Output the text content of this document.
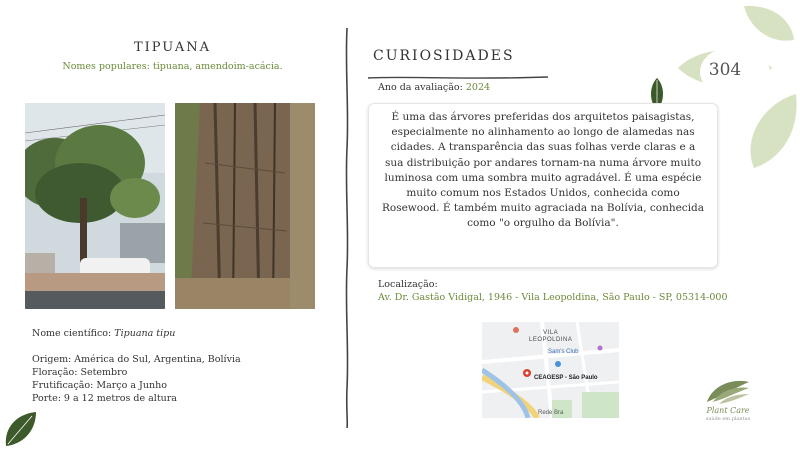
TIPUANA
Nomes populares: tipuana, amendoim-acácia.
Nome científico: Tipuana tipu
Origem: América do Sul, Argentina, Bolívia
Floração: Setembro
Frutificação: Março a Junho
Porte: 9 a 12 metros de altura
CURIOSIDADES
Ano da avaliação: 2024
É uma das árvores preferidas dos arquitetos paisagistas, especialmente no alinhamento ao longo de alamedas nas cidades. A transparência das suas folhas verde claras e a sua distribuição por andares tornam-na numa árvore muito luminosa com uma sombra muito agradável. É uma espécie muito comum nos Estados Unidos, conhecida como Rosewood. É também muito agraciada na Bolívia, conhecida como "o orgulho da Bolívia".
Localização:
Av. Dr. Gastão Vidigal, 1946 - Vila Leopoldina, São Paulo - SP, 05314-000
VILA
LEOPOLDINA
Sam's Club
CEAGESP - São Paulo
Rede Bra
304
Plant Care
saúde em plantas
